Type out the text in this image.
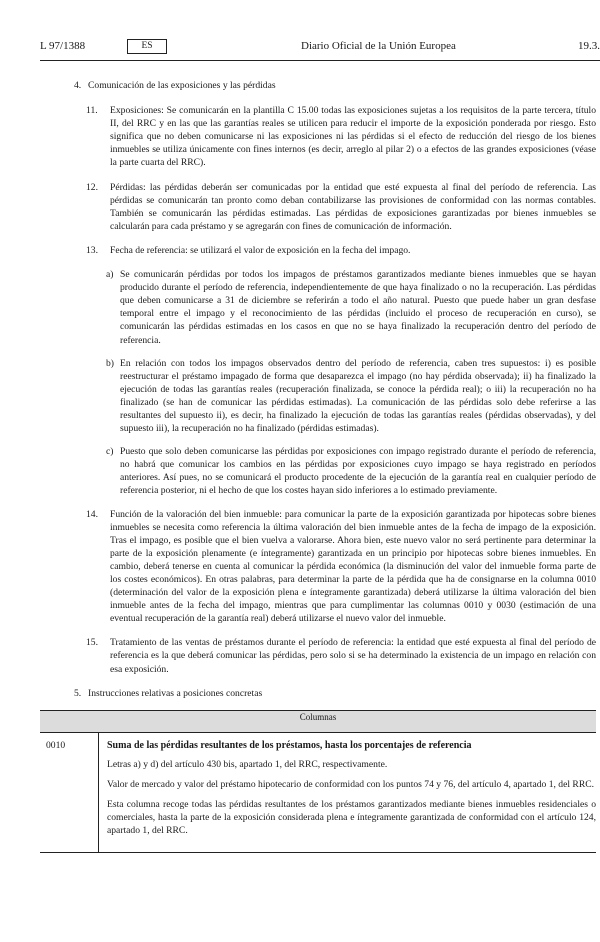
L 97/1388	ES	Diario Oficial de la Unión Europea	19.3.
4. Comunicación de las exposiciones y las pérdidas
11. Exposiciones: Se comunicarán en la plantilla C 15.00 todas las exposiciones sujetas a los requisitos de la parte tercera, título II, del RRC y en las que las garantías reales se utilicen para reducir el importe de la exposición ponderada por riesgo. Esto significa que no deben comunicarse ni las exposiciones ni las pérdidas si el efecto de reducción del riesgo de los bienes inmuebles se utiliza únicamente con fines internos (es decir, arreglo al pilar 2) o a efectos de las grandes exposiciones (véase la parte cuarta del RRC).

12. Pérdidas: las pérdidas deberán ser comunicadas por la entidad que esté expuesta al final del período de referencia. Las pérdidas se comunicarán tan pronto como deban contabilizarse las provisiones de conformidad con las normas contables. También se comunicarán las pérdidas estimadas. Las pérdidas de exposiciones garantizadas por bienes inmuebles se calcularán para cada préstamo y se agregarán con fines de comunicación de información.

13. Fecha de referencia: se utilizará el valor de exposición en la fecha del impago.

a) Se comunicarán pérdidas por todos los impagos de préstamos garantizados mediante bienes inmuebles que se hayan producido durante el período de referencia, independientemente de que haya finalizado o no la recuperación. Las pérdidas que deben comunicarse a 31 de diciembre se referirán a todo el año natural. Puesto que puede haber un gran desfase temporal entre el impago y el reconocimiento de las pérdidas (incluido el proceso de recuperación en curso), se comunicarán las pérdidas estimadas en los casos en que no se haya finalizado la recuperación dentro del período de referencia.

b) En relación con todos los impagos observados dentro del período de referencia, caben tres supuestos: i) es posible reestructurar el préstamo impagado de forma que desaparezca el impago (no hay pérdida observada); ii) ha finalizado la ejecución de todas las garantías reales (recuperación finalizada, se conoce la pérdida real); o iii) la recuperación no ha finalizado (se han de comunicar las pérdidas estimadas). La comunicación de las pérdidas solo debe referirse a las resultantes del supuesto ii), es decir, ha finalizado la ejecución de todas las garantías reales (pérdidas observadas), y del supuesto iii), la recuperación no ha finalizado (pérdidas estimadas).

c) Puesto que solo deben comunicarse las pérdidas por exposiciones con impago registrado durante el período de referencia, no habrá que comunicar los cambios en las pérdidas por exposiciones cuyo impago se haya registrado en períodos anteriores. Así pues, no se comunicará el producto procedente de la ejecución de la garantía real en cualquier período de referencia posterior, ni el hecho de que los costes hayan sido inferiores a lo estimado previamente.

14. Función de la valoración del bien inmueble: para comunicar la parte de la exposición garantizada por hipotecas sobre bienes inmuebles se necesita como referencia la última valoración del bien inmueble antes de la fecha de impago de la exposición. Tras el impago, es posible que el bien vuelva a valorarse. Ahora bien, este nuevo valor no será pertinente para determinar la parte de la exposición plenamente (e íntegramente) garantizada en un principio por hipotecas sobre bienes inmuebles. En cambio, deberá tenerse en cuenta al comunicar la pérdida económica (la disminución del valor del inmueble forma parte de los costes económicos). En otras palabras, para determinar la parte de la pérdida que ha de consignarse en la columna 0010 (determinación del valor de la exposición plena e íntegramente garantizada) deberá utilizarse la última valoración del bien inmueble antes de la fecha del impago, mientras que para cumplimentar las columnas 0010 y 0030 (estimación de una eventual recuperación de la garantía real) deberá utilizarse el nuevo valor del inmueble.

15. Tratamiento de las ventas de préstamos durante el período de referencia: la entidad que esté expuesta al final del período de referencia es la que deberá comunicar las pérdidas, pero solo si se ha determinado la existencia de un impago en relación con esa exposición.

5. Instrucciones relativas a posiciones concretas
Columnas
0010	Suma de las pérdidas resultantes de los préstamos, hasta los porcentajes de referencia

Letras a) y d) del artículo 430 bis, apartado 1, del RRC, respectivamente.

Valor de mercado y valor del préstamo hipotecario de conformidad con los puntos 74 y 76, del artículo 4, apartado 1, del RRC.

Esta columna recoge todas las pérdidas resultantes de los préstamos garantizados mediante bienes inmuebles residenciales o comerciales, hasta la parte de la exposición considerada plena e íntegramente garantizada de conformidad con el artículo 124, apartado 1, del RRC.
